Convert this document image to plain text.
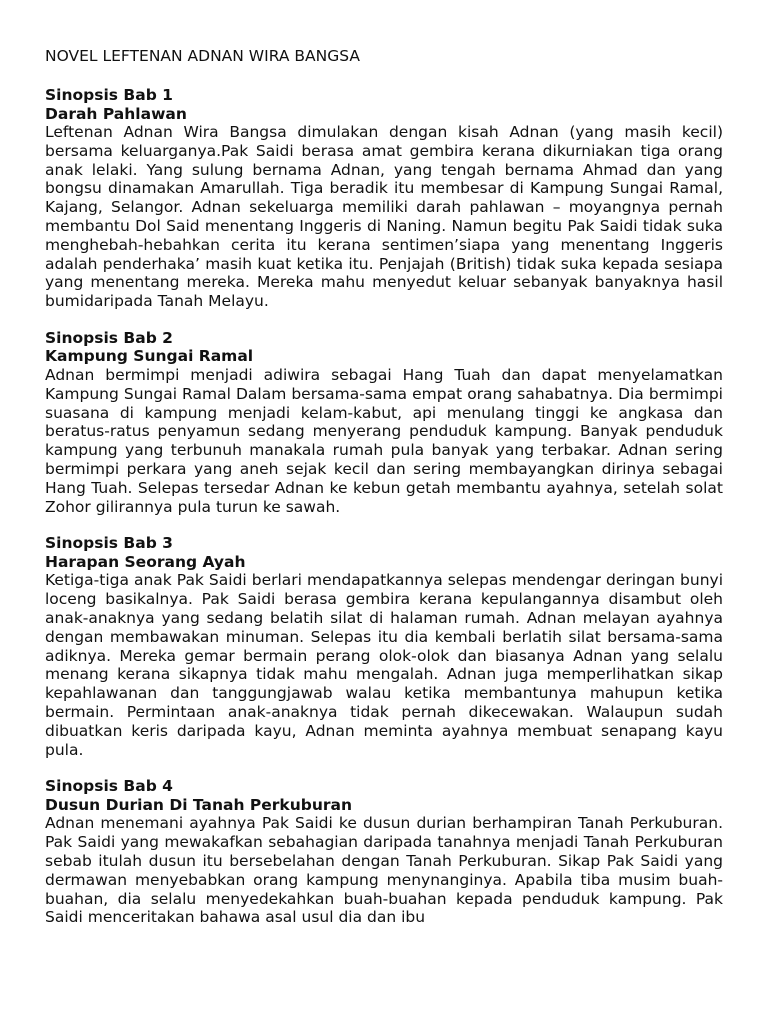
NOVEL LEFTENAN ADNAN WIRA BANGSA
Sinopsis Bab 1
Darah Pahlawan

Leftenan Adnan Wira Bangsa dimulakan dengan kisah Adnan (yang masih kecil) bersama keluarganya.Pak Saidi berasa amat gembira kerana dikurniakan tiga orang anak lelaki. Yang sulung bernama Adnan, yang tengah bernama Ahmad dan yang bongsu dinamakan Amarullah. Tiga beradik itu membesar di Kampung Sungai Ramal, Kajang, Selangor. Adnan sekeluarga memiliki darah pahlawan – moyangnya pernah membantu Dol Said menentang Inggeris di Naning. Namun begitu Pak Saidi tidak suka menghebah-hebahkan cerita itu kerana sentimen’siapa yang menentang Inggeris adalah penderhaka’ masih kuat ketika itu. Penjajah (British) tidak suka kepada sesiapa yang menentang mereka. Mereka mahu menyedut keluar sebanyak banyaknya hasil bumidaripada Tanah Melayu.

Sinopsis Bab 2
Kampung Sungai Ramal

Adnan bermimpi menjadi adiwira sebagai Hang Tuah dan dapat menyelamatkan Kampung Sungai Ramal Dalam bersama-sama empat orang sahabatnya. Dia bermimpi suasana di kampung menjadi kelam-kabut, api menulang tinggi ke angkasa dan beratus-ratus penyamun sedang menyerang penduduk kampung. Banyak penduduk kampung yang terbunuh manakala rumah pula banyak yang terbakar. Adnan sering bermimpi perkara yang aneh sejak kecil dan sering membayangkan dirinya sebagai Hang Tuah. Selepas tersedar Adnan ke kebun getah membantu ayahnya, setelah solat Zohor gilirannya pula turun ke sawah.

Sinopsis Bab 3
Harapan Seorang Ayah

Ketiga-tiga anak Pak Saidi berlari mendapatkannya selepas mendengar deringan bunyi loceng basikalnya. Pak Saidi berasa gembira kerana kepulangannya disambut oleh anak-anaknya yang sedang belatih silat di halaman rumah. Adnan melayan ayahnya dengan membawakan minuman. Selepas itu dia kembali berlatih silat bersama-sama adiknya. Mereka gemar bermain perang olok-olok dan biasanya Adnan yang selalu menang kerana sikapnya tidak mahu mengalah. Adnan juga memperlihatkan sikap kepahlawanan dan tanggungjawab walau ketika membantunya mahupun ketika bermain. Permintaan anak-anaknya tidak pernah dikecewakan. Walaupun sudah dibuatkan keris daripada kayu, Adnan meminta ayahnya membuat senapang kayu pula.

Sinopsis Bab 4
Dusun Durian Di Tanah Perkuburan

Adnan menemani ayahnya Pak Saidi ke dusun durian berhampiran Tanah Perkuburan. Pak Saidi yang mewakafkan sebahagian daripada tanahnya menjadi Tanah Perkuburan sebab itulah dusun itu bersebelahan dengan Tanah Perkuburan. Sikap Pak Saidi yang dermawan menyebabkan orang kampung menynanginya. Apabila tiba musim buah-buahan, dia selalu menyedekahkan buah-buahan kepada penduduk kampung. Pak Saidi menceritakan bahawa asal usul dia dan ibu
